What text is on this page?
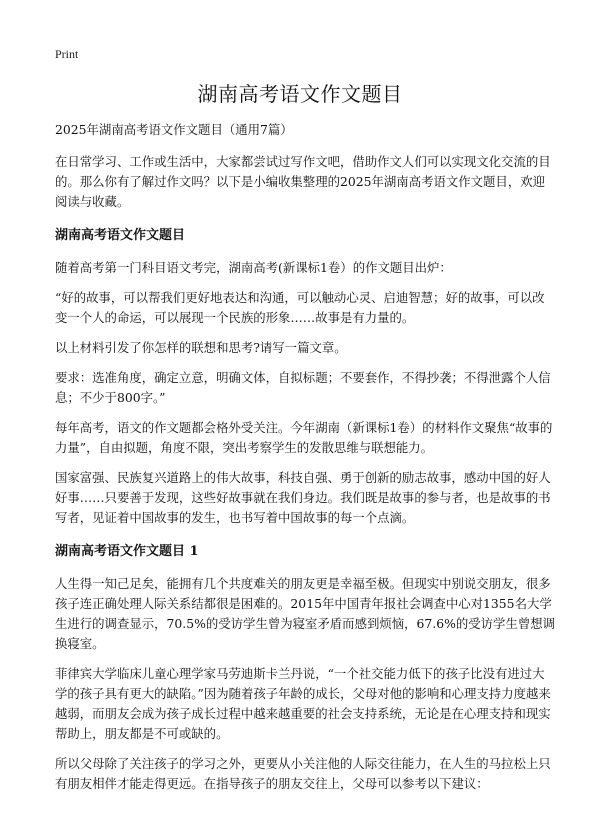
Print
湖南高考语文作文题目

2025年湖南高考语文作文题目（通用7篇）

在日常学习、工作或生活中，大家都尝试过写作文吧，借助作文人们可以实现文化交流的目的。那么你有了解过作文吗？以下是小编收集整理的2025年湖南高考语文作文题目，欢迎阅读与收藏。

湖南高考语文作文题目

随着高考第一门科目语文考完，湖南高考(新课标1卷）的作文题目出炉：

“好的故事，可以帮我们更好地表达和沟通，可以触动心灵、启迪智慧；好的故事，可以改变一个人的命运，可以展现一个民族的形象……故事是有力量的。

以上材料引发了你怎样的联想和思考?请写一篇文章。

要求：选准角度，确定立意，明确文体，自拟标题；不要套作，不得抄袭；不得泄露个人信息；不少于800字。”

每年高考，语文的作文题都会格外受关注。今年湖南（新课标1卷）的材料作文聚焦“故事的力量”，自由拟题，角度不限，突出考察学生的发散思维与联想能力。

国家富强、民族复兴道路上的伟大故事，科技自强、勇于创新的励志故事，感动中国的好人好事……只要善于发现，这些好故事就在我们身边。我们既是故事的参与者，也是故事的书写者，见证着中国故事的发生，也书写着中国故事的每一个点滴。

湖南高考语文作文题目 1

人生得一知己足矣，能拥有几个共度难关的朋友更是幸福至极。但现实中别说交朋友，很多孩子连正确处理人际关系结都很是困难的。2015年中国青年报社会调查中心对1355名大学生进行的调查显示，70.5%的受访学生曾为寝室矛盾而感到烦恼，67.6%的受访学生曾想调换寝室。

菲律宾大学临床儿童心理学家马劳迪斯卡兰丹说，“一个社交能力低下的孩子比没有进过大学的孩子具有更大的缺陷。”因为随着孩子年龄的成长，父母对他的影响和心理支持力度越来越弱，而朋友会成为孩子成长过程中越来越重要的社会支持系统，无论是在心理支持和现实帮助上，朋友都是不可或缺的。

所以父母除了关注孩子的学习之外，更要从小关注他的人际交往能力，在人生的马拉松上只有朋友相伴才能走得更远。在指导孩子的朋友交往上，父母可以参考以下建议：
